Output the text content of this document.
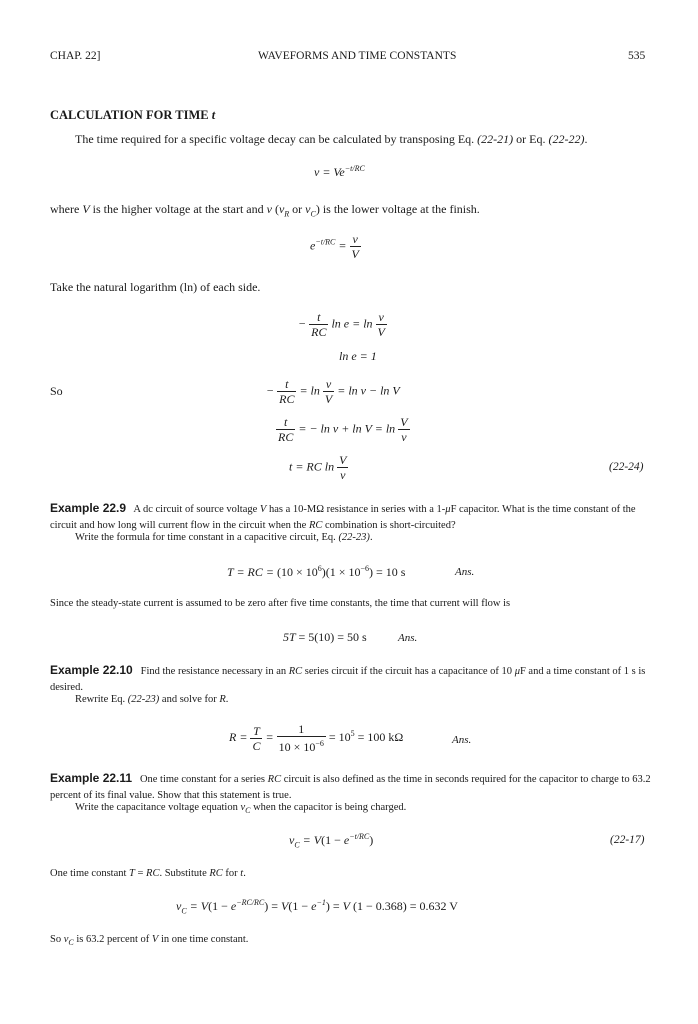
CHAP. 22]	WAVEFORMS AND TIME CONSTANTS	535
CALCULATION FOR TIME t
The time required for a specific voltage decay can be calculated by transposing Eq. (22-21) or Eq. (22-22).
$v = Ve^{-t/RC}$
where V is the higher voltage at the start and v ($v_R$ or $v_C$) is the lower voltage at the finish.
$e^{-t/RC} = \frac{v}{V}$
Take the natural logarithm (ln) of each side.
− $\frac{t}{RC}$ $\ln e = \ln \frac{v}{V}$
ln e = 1
So	− $\frac{t}{RC} = \ln \frac{v}{V} = \ln v - \ln V$
$\frac{t}{RC}$ = − $\ln v + \ln V = \ln \frac{V}{v}$
t = RC $\ln \frac{V}{v}$	(22-24)
Example 22.9   A dc circuit of source voltage V has a 10-MΩ resistance in series with a 1-μF capacitor. What is the time constant of the circuit and how long will current flow in the circuit when the RC combination is short-circuited?
Write the formula for time constant in a capacitive circuit, Eq. (22-23).
T = RC = $(10 \times 10^6)(1 \times 10^{-6}) = 10$ s	Ans.
Since the steady-state current is assumed to be zero after five time constants, the time that current will flow is
5T = 5(10) = 50 s	Ans.
Example 22.10   Find the resistance necessary in an RC series circuit if the circuit has a capacitance of 10 μF and a time constant of 1 s is desired.
Rewrite Eq. (22-23) and solve for R.
$R = \frac{T}{C} = \frac{1}{10 \times 10^{-6}} = 10^5 = 100$ kΩ	Ans.
Example 22.11   One time constant for a series RC circuit is also defined as the time in seconds required for the capacitor to charge to 63.2 percent of its final value. Show that this statement is true.
Write the capacitance voltage equation $v_C$ when the capacitor is being charged.
$v_C = V(1 - e^{-t/RC})$	(22-17)
One time constant T = RC. Substitute RC for t.
$v_C = V(1 - e^{-RC/RC}) = V(1 - e^{-1}) = V$ (1 − 0.368) = 0.632 V
So $v_C$ is 63.2 percent of V in one time constant.
